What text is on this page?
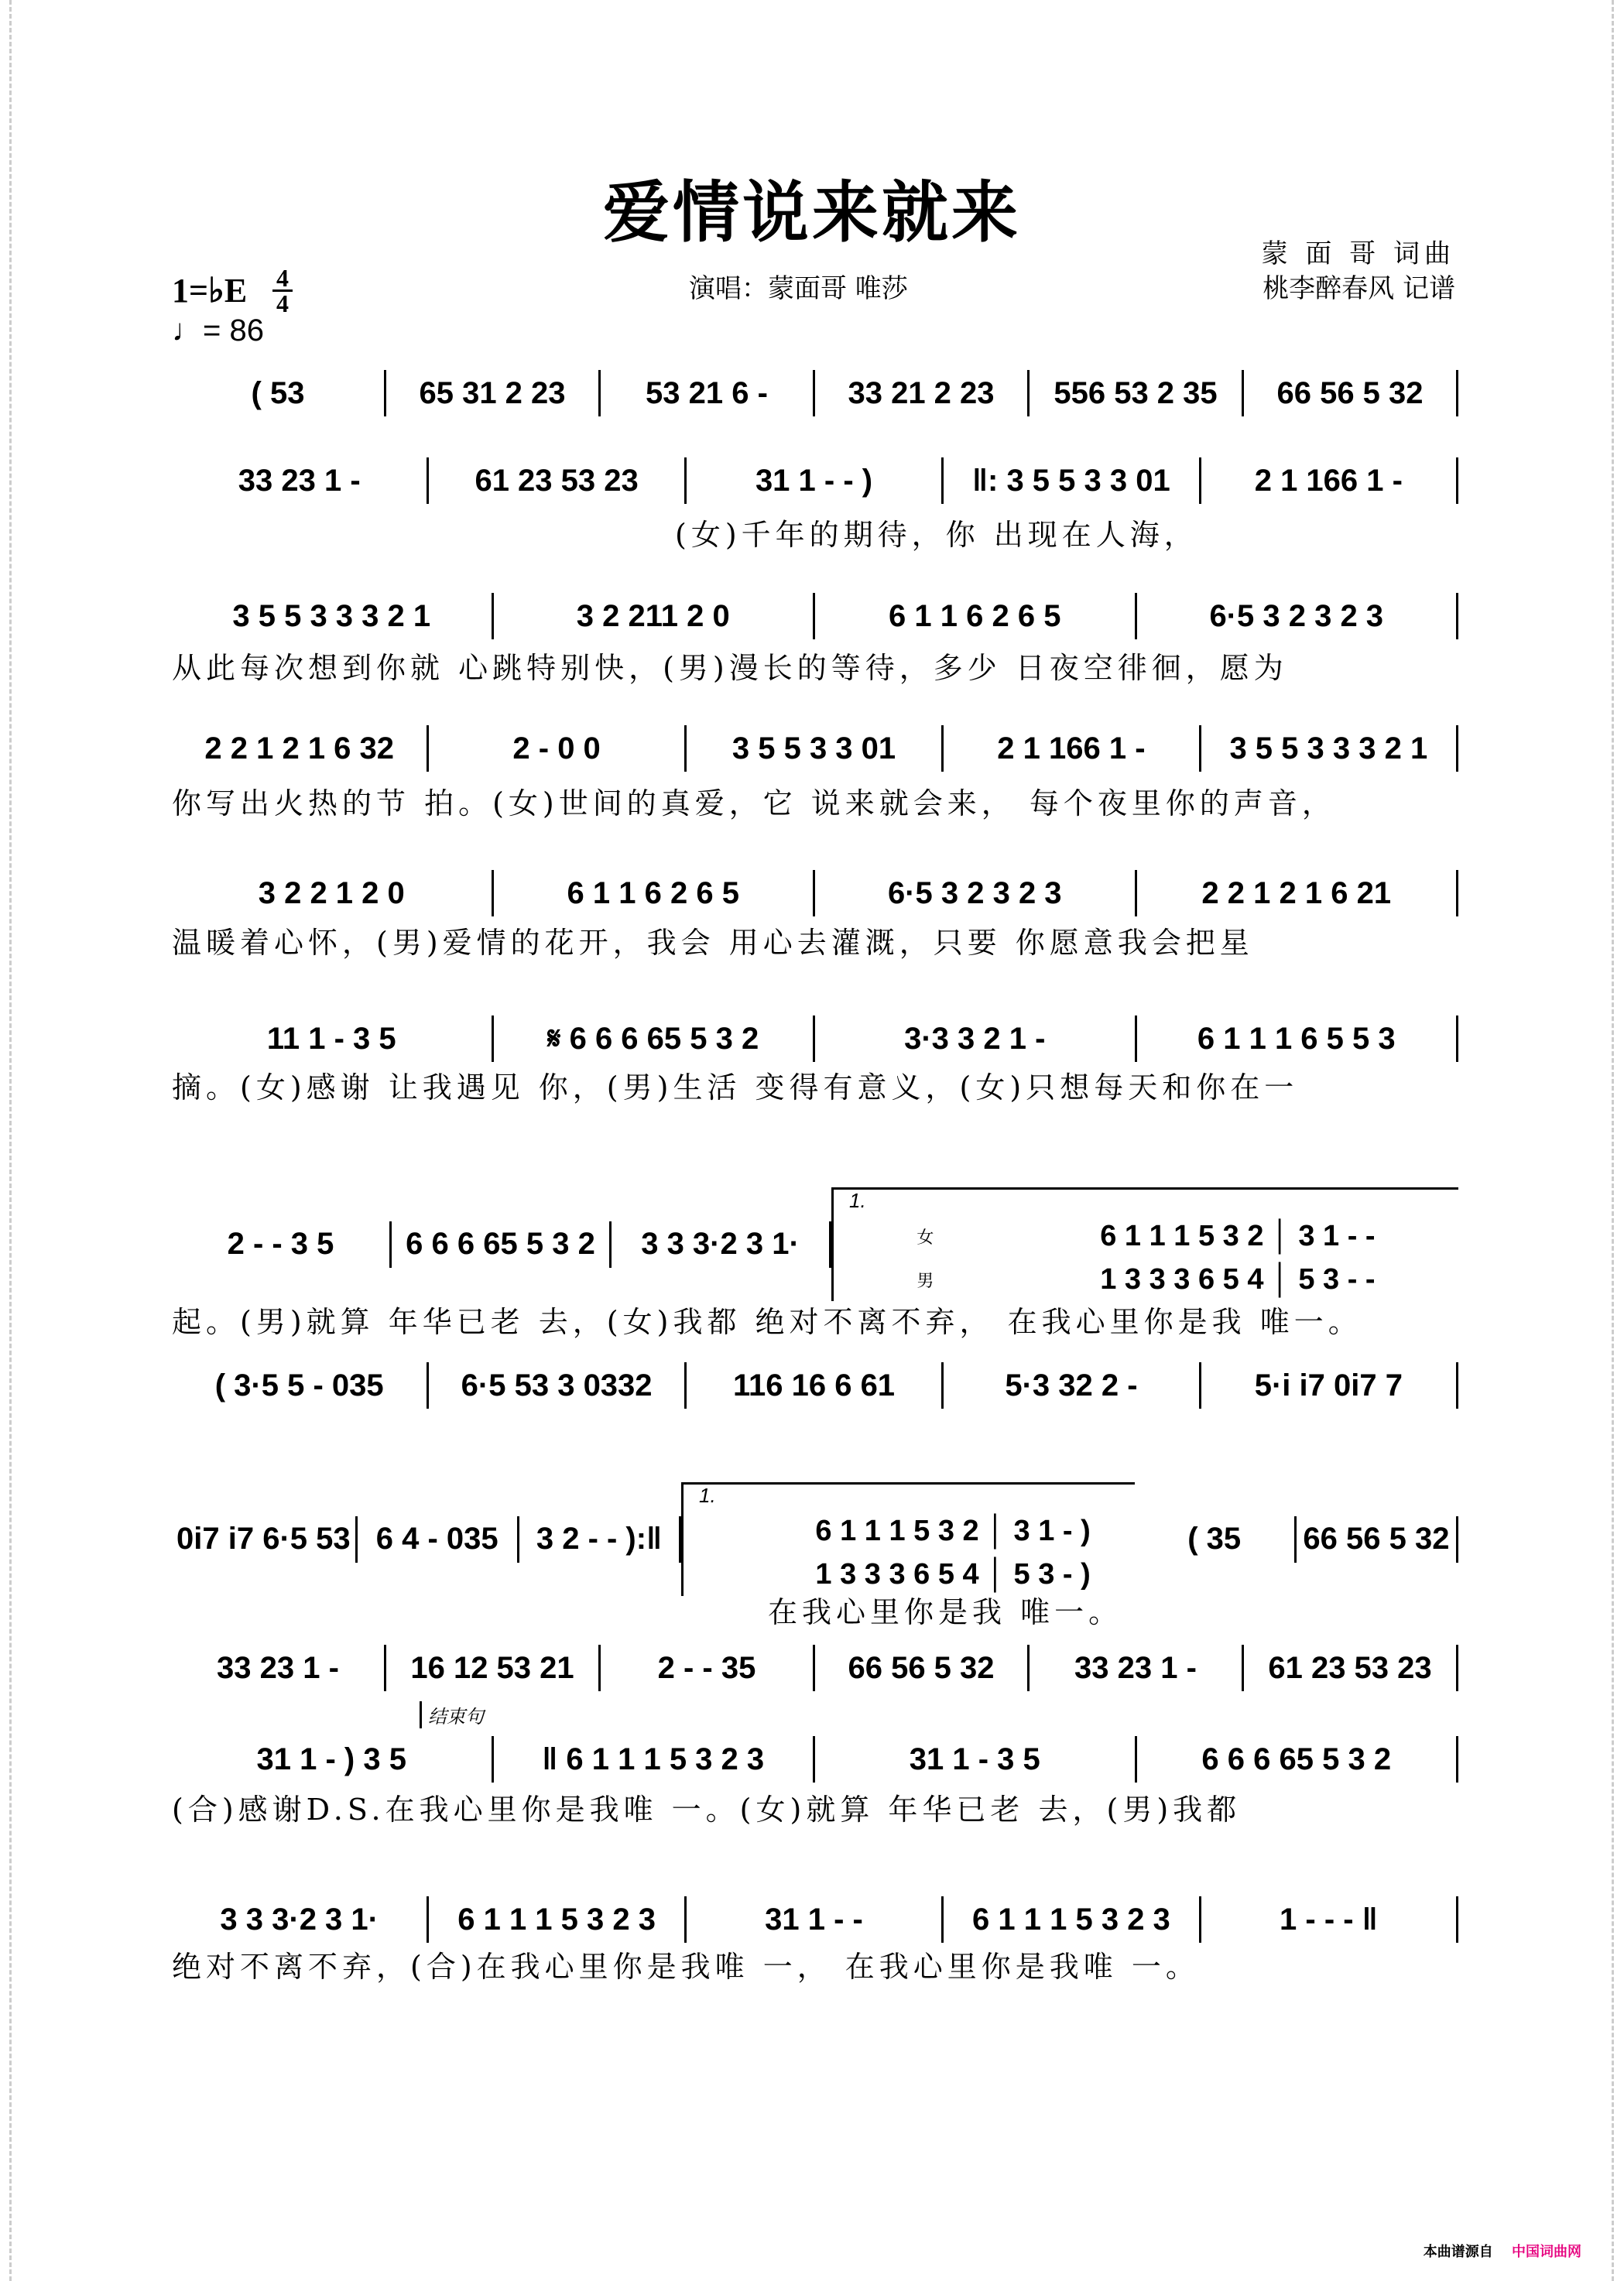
爱情说来就来
1=♭E 4
4
♩= 86
演唱：蒙面哥 唯莎
蒙 面 哥 词曲
桃李醉春风 记谱
( 53	65 31 2 23	53 21 6 -	33 21 2 23	556 53 2 35	66 56 5 32
33 23 1 -	61 23 53 23	31 1 - - )	‖: 3 5 5 3 3 01	2 1 166 1 -
(女)千年的期待，你 出现在人海，
3 5 5 3 3 3 2 1	3 2 211 2 0	6 1 1 6 2 6 5	6·5 3 2 3 2 3
从此每次想到你就 心跳特别快，(男)漫长的等待，多少 日夜空徘徊，愿为
2 2 1 2 1 6 32	2 - 0 0	3 5 5 3 3 01	2 1 166 1 -	3 5 5 3 3 3 2 1
你写出火热的节 拍。(女)世间的真爱，它 说来就会来， 每个夜里你的声音，
3 2 2 1 2 0	6 1 1 6 2 6 5	6·5 3 2 3 2 3	2 2 1 2 1 6 21
温暖着心怀，(男)爱情的花开，我会 用心去灌溉，只要 你愿意我会把星
11 1 - 3 5	𝄋 6 6 6 65 5 3 2	3·3 3 2 1 -	6 1 1 1 6 5 5 3
摘。(女)感谢 让我遇见 你，(男)生活 变得有意义，(女)只想每天和你在一
2 - - 3 5	6 6 6 65 5 3 2	3 3 3·2 3 1·
1.
女	6 1 1 1 5 3 2 │ 3 1 - -
男	1 3 3 3 6 5 4 │ 5 3 - -
起。(男)就算 年华已老 去，(女)我都 绝对不离不弃， 在我心里你是我 唯一。
( 3·5 5 - 035	6·5 53 3 0332	116 16 6 61	5·3 32 2 -	5·i i7 0i7 7
0i7 i7 6·5 53 6 4 - 035	3 2 - - ):‖
1.
6 1 1 1 5 3 2 │ 3 1 - )
1 3 3 3 6 5 4 │ 5 3 - )
( 35	66 56 5 32
在我心里你是我 唯一。
33 23 1 -	16 12 53 21	2 - - 35	66 56 5 32	33 23 1 -	61 23 53 23
31 1 - ) 3 5	‖ 6 1 1 1 5 3 2 3	31 1 - 3 5	6 6 6 65 5 3 2
结束句
(合)感谢D.S.在我心里你是我唯 一。(女)就算 年华已老 去，(男)我都
3 3 3·2 3 1·	6 1 1 1 5 3 2 3	31 1 - -	6 1 1 1 5 3 2 3	1 - - - ‖
绝对不离不弃，(合)在我心里你是我唯 一， 在我心里你是我唯 一。
本曲谱源自 中国词曲网
